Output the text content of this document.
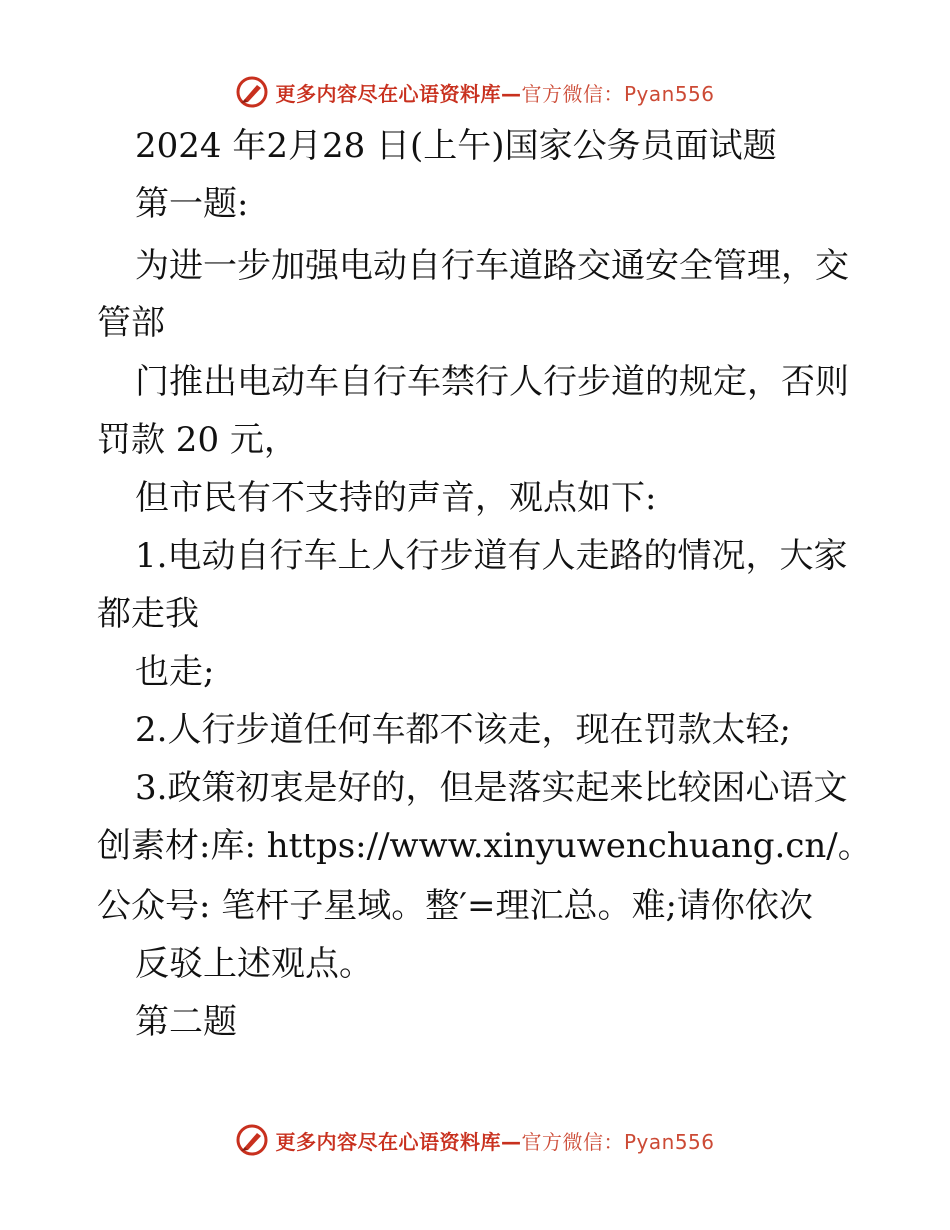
更多内容尽在心语资料库—官方微信：Pyan556
2024 年2月28 日(上午)国家公务员面试题
第一题:
为进一步加强电动自行车道路交通安全管理，交
管部
门推出电动车自行车禁行人行步道的规定，否则
罚款 20 元，
但市民有不支持的声音，观点如下:
1.电动自行车上人行步道有人走路的情况，大家
都走我
也走;
2.人行步道任何车都不该走，现在罚款太轻;
3.政策初衷是好的，但是落实起来比较困心语文
创素材:库: https://www.xinyuwenchuang.cn/。
公众号: 笔杆子星域。整′=理汇总。难;请你依次
反驳上述观点。
第二题
更多内容尽在心语资料库—官方微信：Pyan556
